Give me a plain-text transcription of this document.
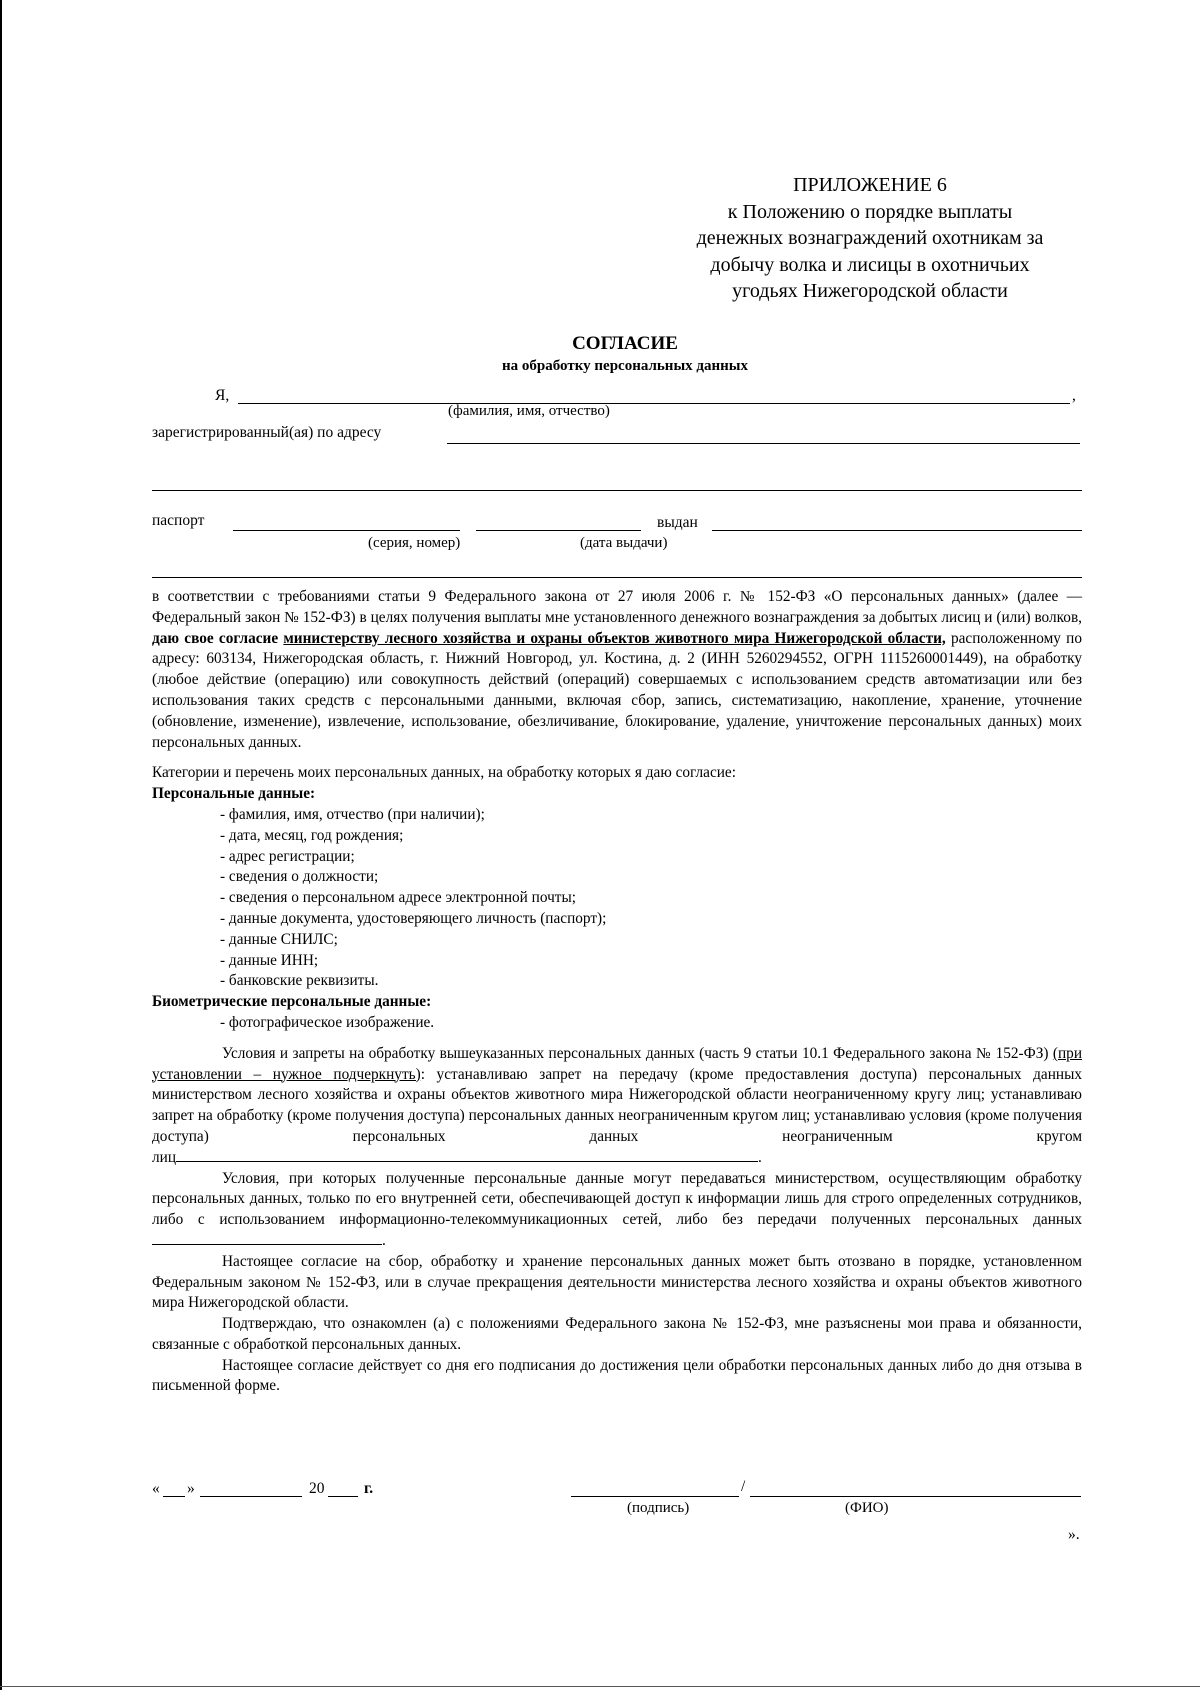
ПРИЛОЖЕНИЕ 6
к Положению о порядке выплаты
денежных вознаграждений охотникам за
добычу волка и лисицы в охотничьих
угодьях Нижегородской области
СОГЛАСИЕ
на обработку персональных данных
Я,	,
(фамилия, имя, отчество)
зарегистрированный(ая) по адресу
паспорт	выдан
(серия, номер)	(дата выдачи)

в соответствии с требованиями статьи 9 Федерального закона от 27 июля 2006 г. № 152-ФЗ «О персональных данных» (далее — Федеральный закон № 152-ФЗ) в целях получения выплаты мне установленного денежного вознаграждения за добытых лисиц и (или) волков, даю свое согласие министерству лесного хозяйства и охраны объектов животного мира Нижегородской области, расположенному по адресу: 603134, Нижегородская область, г. Нижний Новгород, ул. Костина, д. 2 (ИНН 5260294552, ОГРН 1115260001449), на обработку (любое действие (операцию) или совокупность действий (операций) совершаемых с использованием средств автоматизации или без использования таких средств с персональными данными, включая сбор, запись, систематизацию, накопление, хранение, уточнение (обновление, изменение), извлечение, использование, обезличивание, блокирование, удаление, уничтожение персональных данных) моих персональных данных.

Категории и перечень моих персональных данных, на обработку которых я даю согласие:

Персональные данные:

- фамилия, имя, отчество (при наличии);
- дата, месяц, год рождения;
- адрес регистрации;
- сведения о должности;
- сведения о персональном адресе электронной почты;
- данные документа, удостоверяющего личность (паспорт);
- данные СНИЛС;
- данные ИНН;
- банковские реквизиты.

Биометрические персональные данные:

- фотографическое изображение.

Условия и запреты на обработку вышеуказанных персональных данных (часть 9 статьи 10.1 Федерального закона № 152-ФЗ) (при установлении – нужное подчеркнуть): устанавливаю запрет на передачу (кроме предоставления доступа) персональных данных министерством лесного хозяйства и охраны объектов животного мира Нижегородской области неограниченному кругу лиц; устанавливаю запрет на обработку (кроме получения доступа) персональных данных неограниченным кругом лиц; устанавливаю условия (кроме получения доступа) персональных данных неограниченным кругом

лиц	.

Условия, при которых полученные персональные данные могут передаваться министерством, осуществляющим обработку персональных данных, только по его внутренней сети, обеспечивающей доступ к информации лишь для строго определенных сотрудников, либо с использованием информационно-телекоммуникационных сетей, либо без передачи полученных персональных данных .

Настоящее согласие на сбор, обработку и хранение персональных данных может быть отозвано в порядке, установленном Федеральным законом № 152-ФЗ, или в случае прекращения деятельности министерства лесного хозяйства и охраны объектов животного мира Нижегородской области.

Подтверждаю, что ознакомлен (а) с положениями Федерального закона № 152-ФЗ, мне разъяснены мои права и обязанности, связанные с обработкой персональных данных.

Настоящее согласие действует со дня его подписания до достижения цели обработки персональных данных либо до дня отзыва в письменной форме.

« »	20	г.	/
(подпись)	(ФИО)
».
